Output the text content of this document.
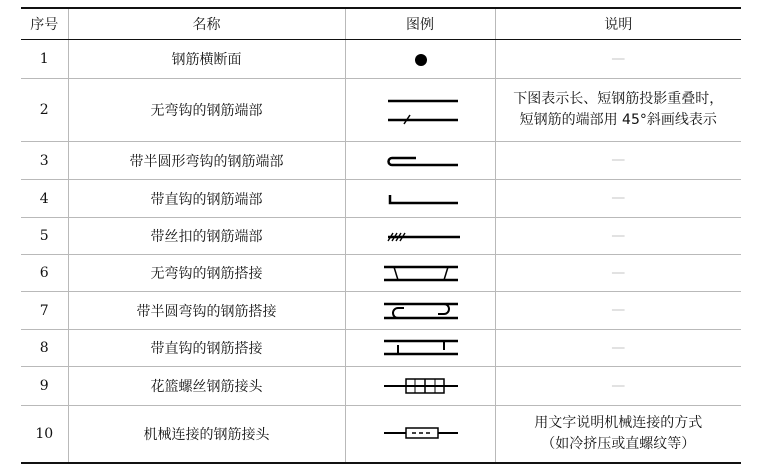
序号	名称	图例	说明
1	钢筋横断面		—
2	无弯钩的钢筋端部		下图表示长、短钢筋投影重叠时，
短钢筋的端部用 45°斜画线表示

3	带半圆形弯钩的钢筋端部		—
4	带直钩的钢筋端部		—
5	带丝扣的钢筋端部		—
6	无弯钩的钢筋搭接		—
7	带半圆弯钩的钢筋搭接		—
8	带直钩的钢筋搭接		—
9	花篮螺丝钢筋接头		—
10	机械连接的钢筋接头		用文字说明机械连接的方式
（如冷挤压或直螺纹等）
